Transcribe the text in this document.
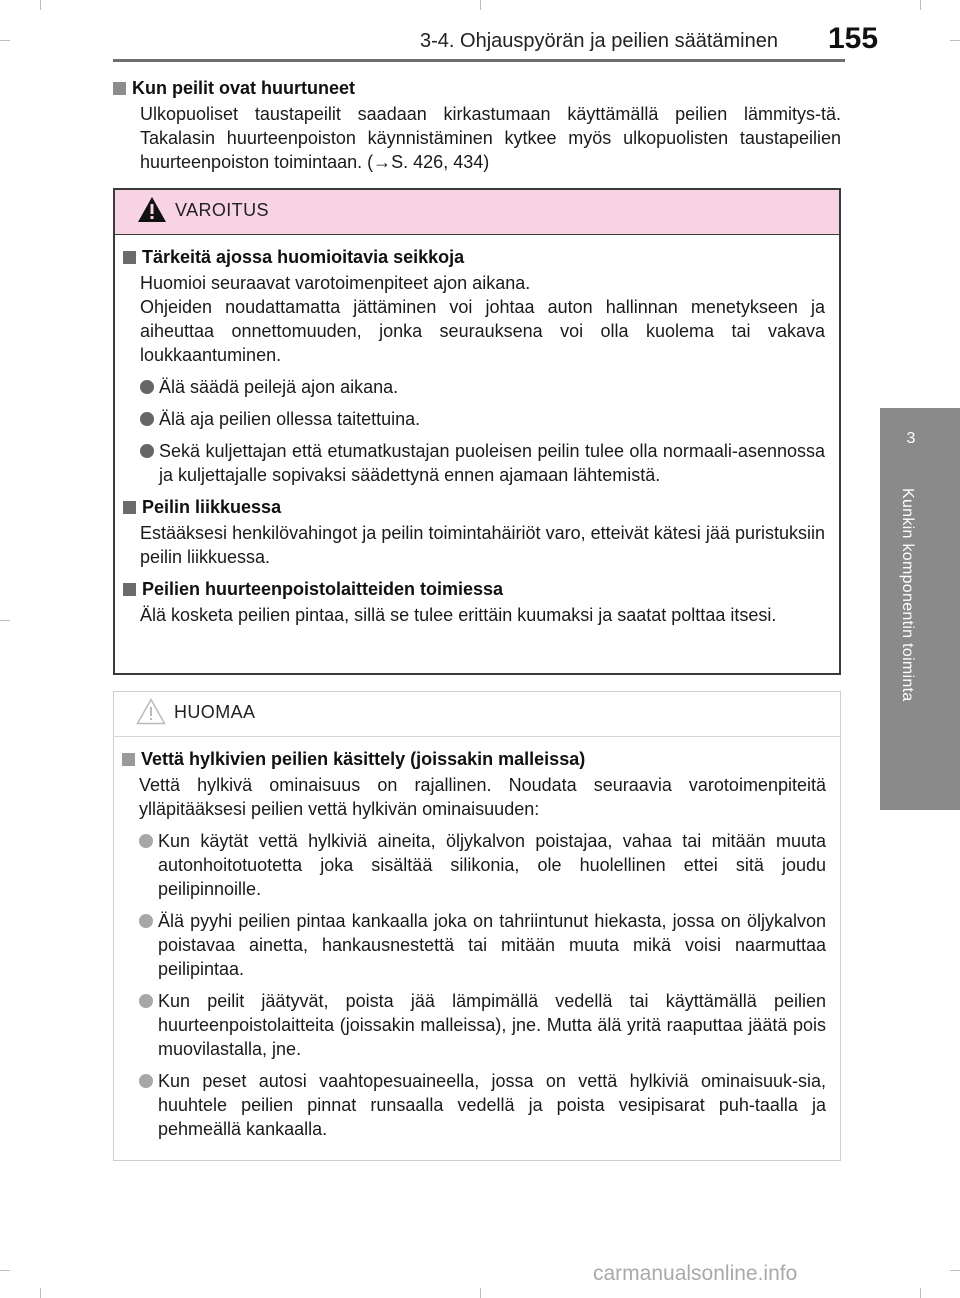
3-4. Ohjauspyörän ja peilien säätäminen 155
3
Kunkin komponentin toiminta
Kun peilit ovat huurtuneet
Ulkopuoliset taustapeilit saadaan kirkastumaan käyttämällä peilien lämmitys-tä. Takalasin huurteenpoiston käynnistäminen kytkee myös ulkopuolisten taustapeilien huurteenpoiston toimintaan. (→S. 426, 434)
VAROITUS
Tärkeitä ajossa huomioitavia seikkoja
Huomioi seuraavat varotoimenpiteet ajon aikana.
Ohjeiden noudattamatta jättäminen voi johtaa auton hallinnan menetykseen ja aiheuttaa onnettomuuden, jonka seurauksena voi olla kuolema tai vakava loukkaantuminen.
Älä säädä peilejä ajon aikana.
Älä aja peilien ollessa taitettuina.
Sekä kuljettajan että etumatkustajan puoleisen peilin tulee olla normaali-asennossa ja kuljettajalle sopivaksi säädettynä ennen ajamaan lähtemistä.
Peilin liikkuessa
Estääksesi henkilövahingot ja peilin toimintahäiriöt varo, etteivät kätesi jää puristuksiin peilin liikkuessa.
Peilien huurteenpoistolaitteiden toimiessa
Älä kosketa peilien pintaa, sillä se tulee erittäin kuumaksi ja saatat polttaa itsesi.
HUOMAA
Vettä hylkivien peilien käsittely (joissakin malleissa)
Vettä hylkivä ominaisuus on rajallinen. Noudata seuraavia varotoimenpiteitä ylläpitääksesi peilien vettä hylkivän ominaisuuden:
Kun käytät vettä hylkiviä aineita, öljykalvon poistajaa, vahaa tai mitään muuta autonhoitotuotetta joka sisältää silikonia, ole huolellinen ettei sitä joudu peilipinnoille.
Älä pyyhi peilien pintaa kankaalla joka on tahriintunut hiekasta, jossa on öljykalvon poistavaa ainetta, hankausnestettä tai mitään muuta mikä voisi naarmuttaa peilipintaa.
Kun peilit jäätyvät, poista jää lämpimällä vedellä tai käyttämällä peilien huurteenpoistolaitteita (joissakin malleissa), jne. Mutta älä yritä raaputtaa jäätä pois muovilastalla, jne.
Kun peset autosi vaahtopesuaineella, jossa on vettä hylkiviä ominaisuuk-sia, huuhtele peilien pinnat runsaalla vedellä ja poista vesipisarat puh-taalla ja pehmeällä kankaalla.
carmanualsonline.info
